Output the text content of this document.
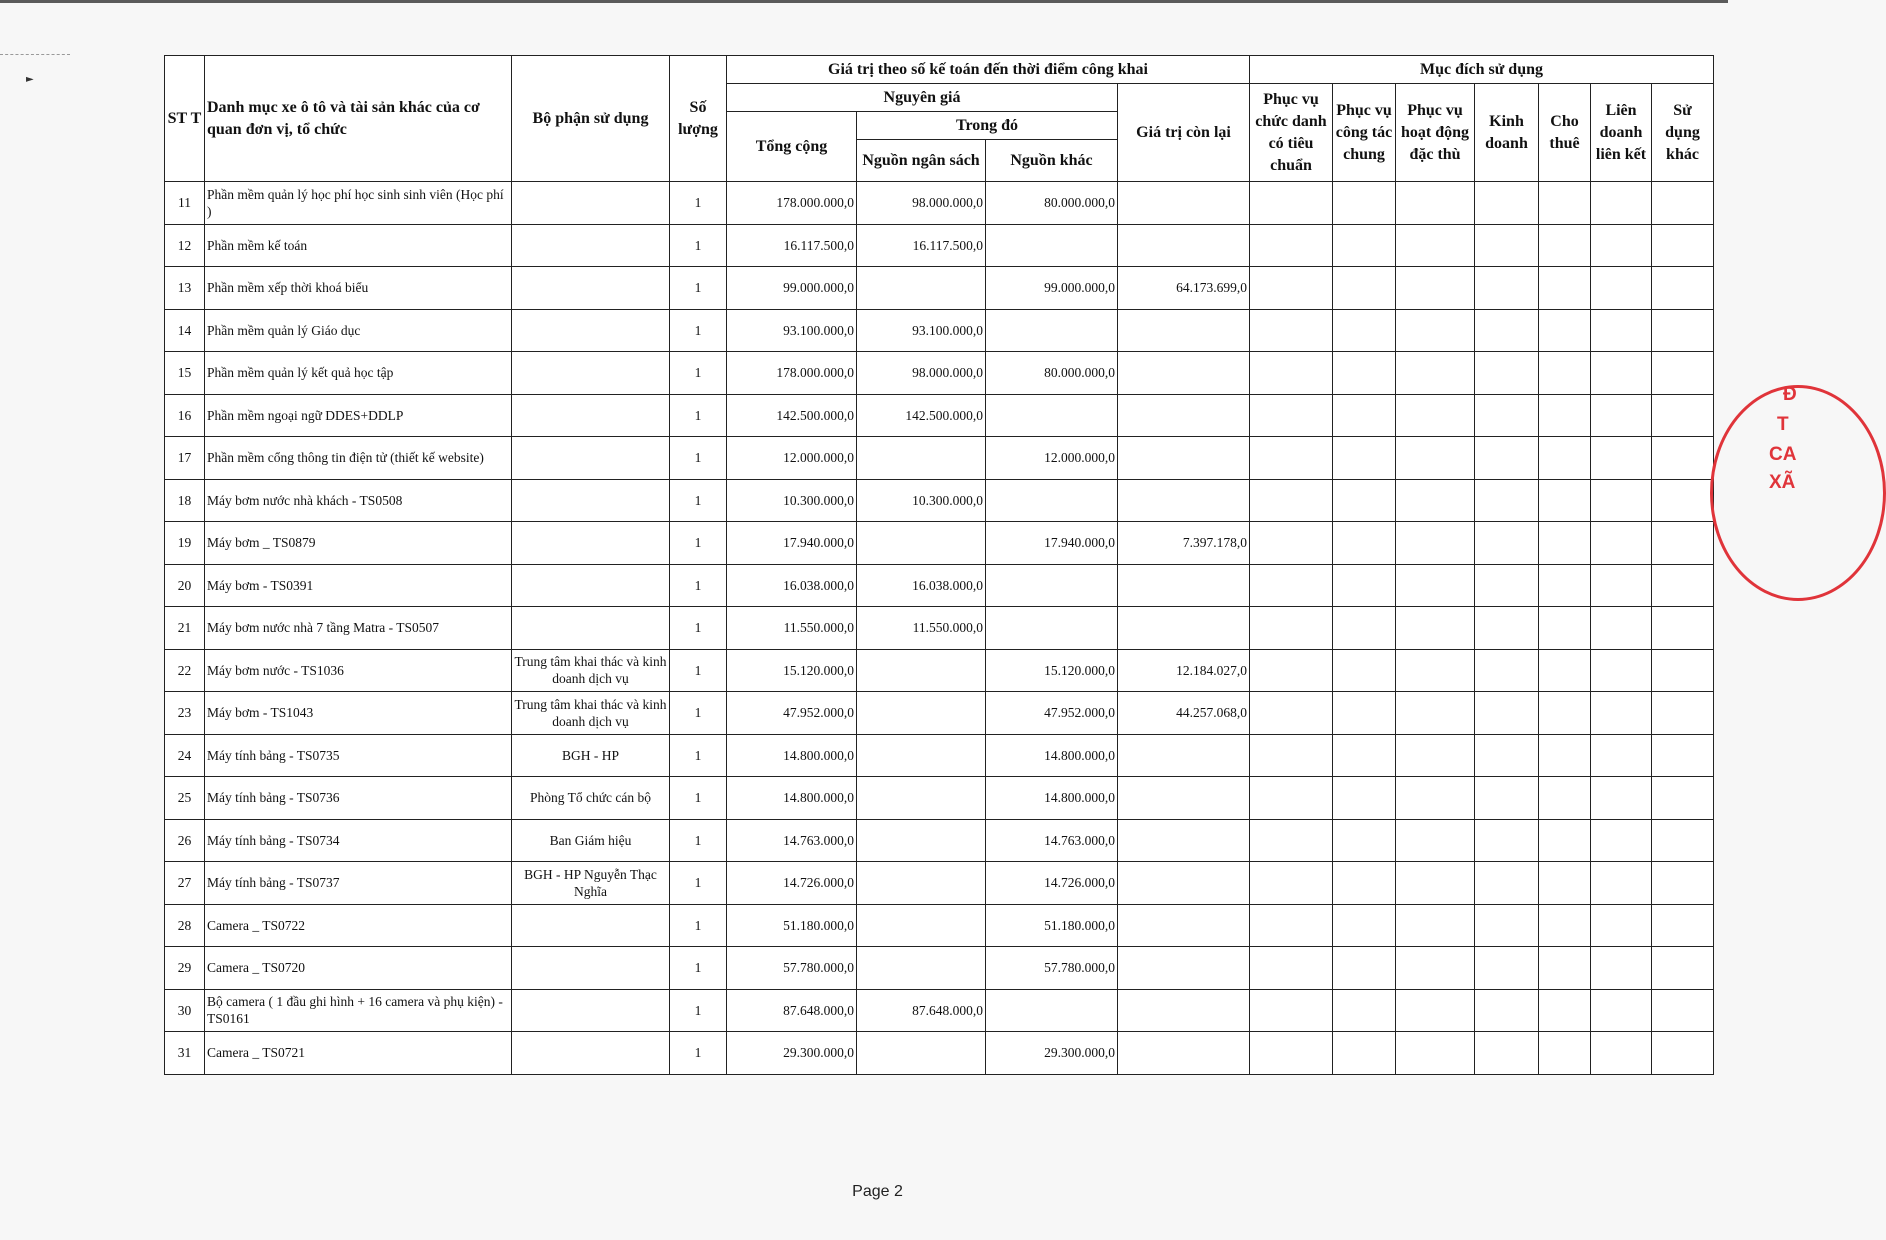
►
ST T	Danh mục xe ô tô và tài sản khác của cơ quan đơn vị, tổ chức	Bộ phận sử dụng	Số lượng	Giá trị theo số kế toán đến thời điểm công khai				Mục đích sử dụng						
				Nguyên giá			Giá trị còn lại	Phục vụ chức danh có tiêu chuẩn	Phục vụ công tác chung	Phục vụ hoạt động đặc thù	Kinh doanh	Cho thuê	Liên doanh liên kết	Sử dụng khác
				Tổng cộng	Trong đó									
					Nguồn ngân sách	Nguồn khác								
11	Phần mềm quản lý học phí học sinh sinh viên (Học phí )		1	178.000.000,0	98.000.000,0	80.000.000,0								
12	Phần mềm kế toán		1	16.117.500,0	16.117.500,0									
13	Phần mềm xếp thời khoá biểu		1	99.000.000,0		99.000.000,0	64.173.699,0							
14	Phần mềm quản lý Giáo dục		1	93.100.000,0	93.100.000,0									
15	Phần mềm quản lý kết quả học tập		1	178.000.000,0	98.000.000,0	80.000.000,0								
16	Phần mềm ngoại ngữ DDES+DDLP		1	142.500.000,0	142.500.000,0									
17	Phần mềm cổng thông tin điện tử (thiết kế website)		1	12.000.000,0		12.000.000,0								
18	Máy bơm nước nhà khách - TS0508		1	10.300.000,0	10.300.000,0									
19	Máy bơm _ TS0879		1	17.940.000,0		17.940.000,0	7.397.178,0							
20	Máy bơm - TS0391		1	16.038.000,0	16.038.000,0									
21	Máy bơm nước nhà 7 tầng Matra - TS0507		1	11.550.000,0	11.550.000,0									
22	Máy bơm nước - TS1036	Trung tâm khai thác và kinh doanh dịch vụ	1	15.120.000,0		15.120.000,0	12.184.027,0							
23	Máy bơm - TS1043	Trung tâm khai thác và kinh doanh dịch vụ	1	47.952.000,0		47.952.000,0	44.257.068,0							
24	Máy tính bảng - TS0735	BGH - HP	1	14.800.000,0		14.800.000,0								
25	Máy tính bảng - TS0736	Phòng Tổ chức cán bộ	1	14.800.000,0		14.800.000,0								
26	Máy tính bảng - TS0734	Ban Giám hiệu	1	14.763.000,0		14.763.000,0								
27	Máy tính bảng - TS0737	BGH - HP Nguyễn Thạc Nghĩa	1	14.726.000,0		14.726.000,0								
28	Camera _ TS0722		1	51.180.000,0		51.180.000,0								
29	Camera _ TS0720		1	57.780.000,0		57.780.000,0								
30	Bộ camera ( 1 đầu ghi hình + 16 camera và phụ kiện) - TS0161		1	87.648.000,0	87.648.000,0									
31	Camera _ TS0721		1	29.300.000,0		29.300.000,0								
Đ
T
CA
XÃ
Page 2
